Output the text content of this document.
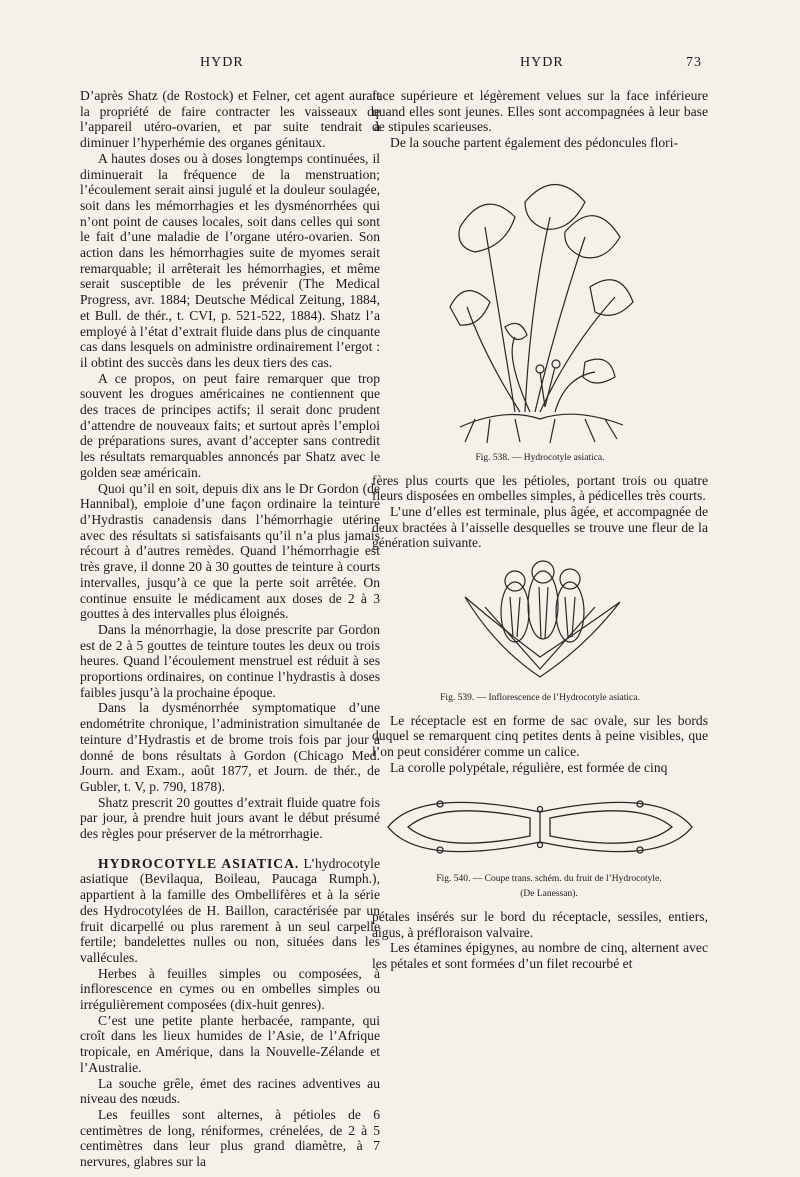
HYDR	HYDR	73

D’après Shatz (de Rostock) et Felner, cet agent aurait la propriété de faire contracter les vaisseaux de l’appareil utéro-ovarien, et par suite tendrait à diminuer l’hyperhémie des organes génitaux.

A hautes doses ou à doses longtemps continuées, il diminuerait la fréquence de la menstruation; l’écoulement serait ainsi jugulé et la douleur soulagée, soit dans les mémorrhagies et les dysménorrhées qui n’ont point de causes locales, soit dans celles qui sont le fait d’une maladie de l’organe utéro-ovarien. Son action dans les hémorrhagies suite de myomes serait remarquable; il arrêterait les hémorrhagies, et même serait susceptible de les prévenir (The Medical Progress, avr. 1884; Deutsche Médical Zeitung, 1884, et Bull. de thér., t. CVI, p. 521-522, 1884). Shatz l’a employé à l’état d’extrait fluide dans plus de cinquante cas dans lesquels on administre ordinairement l’ergot : il obtint des succès dans les deux tiers des cas.

A ce propos, on peut faire remarquer que trop souvent les drogues américaines ne contiennent que des traces de principes actifs; il serait donc prudent d’attendre de nouveaux faits; et surtout après l’emploi de préparations sures, avant d’accepter sans contredit les résultats remarquables annoncés par Shatz avec le golden seæ américain.

Quoi qu’il en soit, depuis dix ans le Dr Gordon (de Hannibal), emploie d’une façon ordinaire la teinture d’Hydrastis canadensis dans l’hémorrhagie utérine avec des résultats si satisfaisants qu’il n’a plus jamais récourt à d’autres remèdes. Quand l’hémorrhagie est très grave, il donne 20 à 30 gouttes de teinture à courts intervalles, jusqu’à ce que la perte soit arrêtée. On continue ensuite le médicament aux doses de 2 à 3 gouttes à des intervalles plus éloignés.

Dans la ménorrhagie, la dose prescrite par Gordon est de 2 à 5 gouttes de teinture toutes les deux ou trois heures. Quand l’écoulement menstruel est réduit à ses proportions ordinaires, on continue l’hydrastis à doses faibles jusqu’à la prochaine époque.

Dans la dysménorrhée symptomatique d’une endométrite chronique, l’administration simultanée de teinture d’Hydrastis et de brome trois fois par jour a donné de bons résultats à Gordon (Chicago Med. Journ. and Exam., août 1877, et Journ. de thér., de Gubler, t. V, p. 790, 1878).

Shatz prescrit 20 gouttes d’extrait fluide quatre fois par jour, à prendre huit jours avant le début présumé des règles pour préserver de la métrorrhagie.

HYDROCOTYLE ASIATICA. L’hydrocotyle asiatique (Bevilaqua, Boileau, Paucaga Rumph.), appartient à la famille des Ombellifères et à la série des Hydrocotylées de H. Baillon, caractérisée par un fruit dicarpellé ou plus rarement à un seul carpelle fertile; bandelettes nulles ou non, situées dans les vallécules.

Herbes à feuilles simples ou composées, à inflorescence en cymes ou en ombelles simples ou irrégulièrement composées (dix-huit genres).

C’est une petite plante herbacée, rampante, qui croît dans les lieux humides de l’Asie, de l’Afrique tropicale, en Amérique, dans la Nouvelle-Zélande et l’Australie.

La souche grêle, émet des racines adventives au niveau des nœuds.

Les feuilles sont alternes, à pétioles de 6 centimètres de long, réniformes, crénelées, de 2 à 5 centimètres dans leur plus grand diamètre, à 7 nervures, glabres sur la

face supérieure et légèrement velues sur la face inférieure quand elles sont jeunes. Elles sont accompagnées à leur base de stipules scarieuses.

De la souche partent également des pédoncules flori-

Fig. 538. — Hydrocotyle asiatica.

fères plus courts que les pétioles, portant trois ou quatre fleurs disposées en ombelles simples, à pédicelles très courts.

L’une d’elles est terminale, plus âgée, et accompagnée de deux bractées à l’aisselle desquelles se trouve une fleur de la génération suivante.

Fig. 539. — Inflorescence de l’Hydrocotyle asiatica.

Le réceptacle est en forme de sac ovale, sur les bords duquel se remarquent cinq petites dents à peine visibles, que l’on peut considérer comme un calice.

La corolle polypétale, régulière, est formée de cinq

Fig. 540. — Coupe trans. schém. du fruit de l’Hydrocotyle.

(De Lanessan).

pétales insérés sur le bord du réceptacle, sessiles, entiers, aigus, à préfloraison valvaire.

Les étamines épigynes, au nombre de cinq, alternent avec les pétales et sont formées d’un filet recourbé et
